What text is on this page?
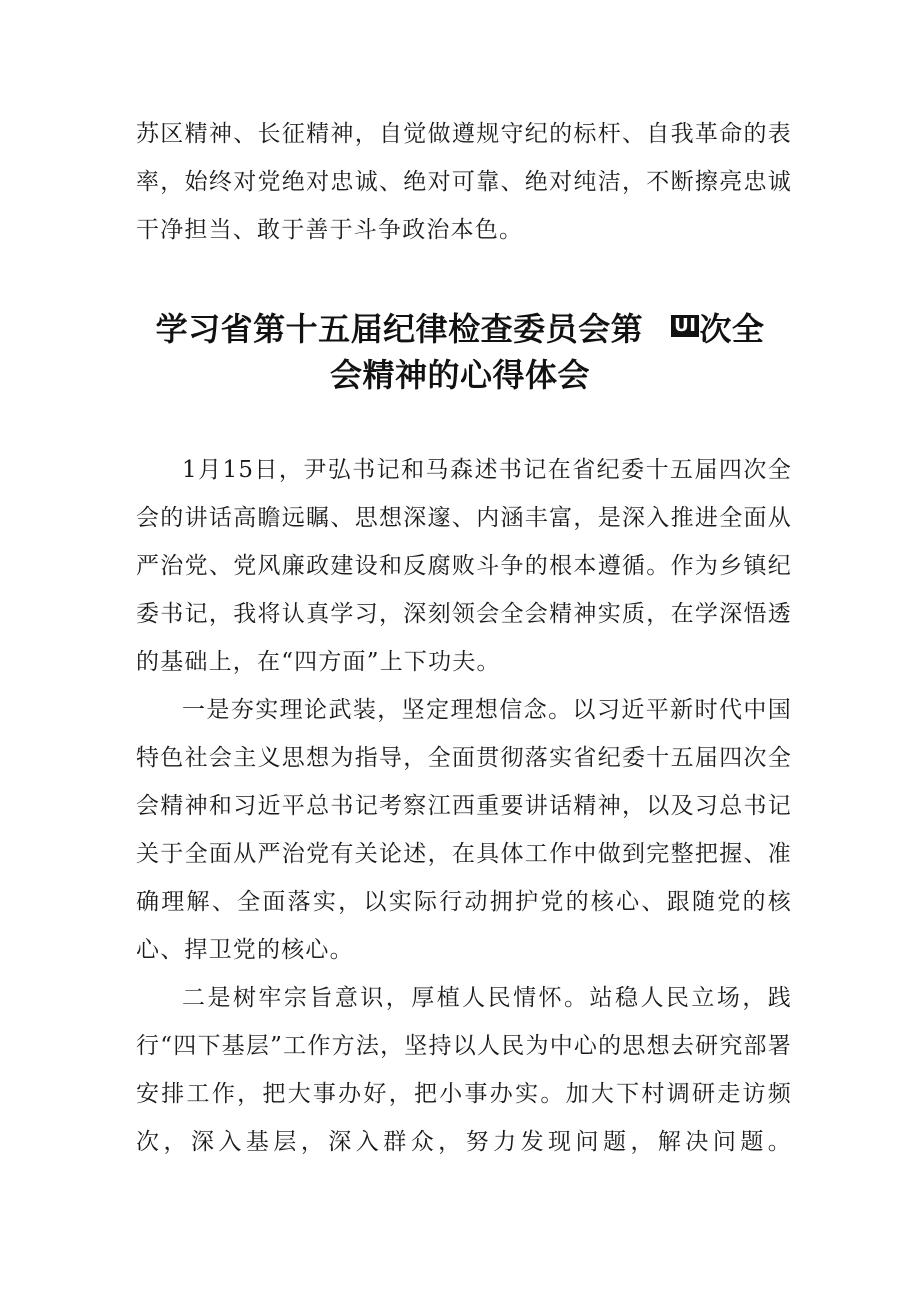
苏区精神、长征精神，自觉做遵规守纪的标杆、自我革命的表率，始终对党绝对忠诚、绝对可靠、绝对纯洁，不断擦亮忠诚干净担当、敢于善于斗争政治本色。

学习省第十五届纪律检查委员会第 UI次全
会精神的心得体会

1月15日，尹弘书记和马森述书记在省纪委十五届四次全会的讲话高瞻远瞩、思想深邃、内涵丰富，是深入推进全面从严治党、党风廉政建设和反腐败斗争的根本遵循。作为乡镇纪委书记，我将认真学习，深刻领会全会精神实质，在学深悟透的基础上，在“四方面”上下功夫。

一是夯实理论武装，坚定理想信念。以习近平新时代中国特色社会主义思想为指导，全面贯彻落实省纪委十五届四次全会精神和习近平总书记考察江西重要讲话精神，以及习总书记关于全面从严治党有关论述，在具体工作中做到完整把握、准确理解、全面落实，以实际行动拥护党的核心、跟随党的核心、捍卫党的核心。

二是树牢宗旨意识，厚植人民情怀。站稳人民立场，践行“四下基层”工作方法，坚持以人民为中心的思想去研究部署安排工作，把大事办好，把小事办实。加大下村调研走访频次，深入基层，深入群众，努力发现问题，解决问题。
